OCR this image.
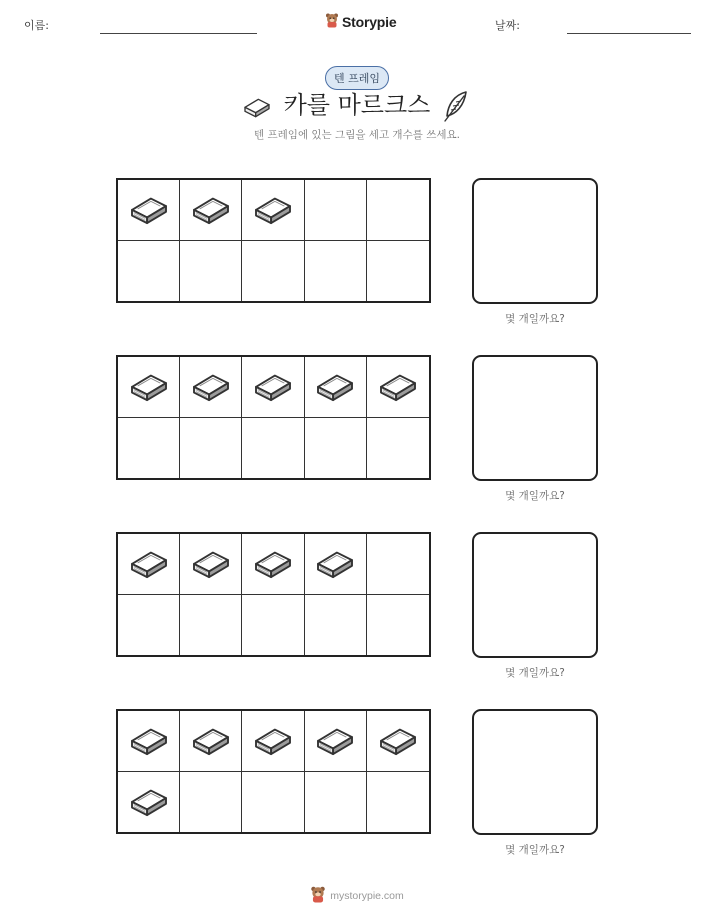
이름:	Storypie	날짜:
텐 프레임
카를 마르크스
텐 프레임에 있는 그림을 세고 개수를 쓰세요.
몇 개일까요?
몇 개일까요?
몇 개일까요?
몇 개일까요?
mystorypie.com
